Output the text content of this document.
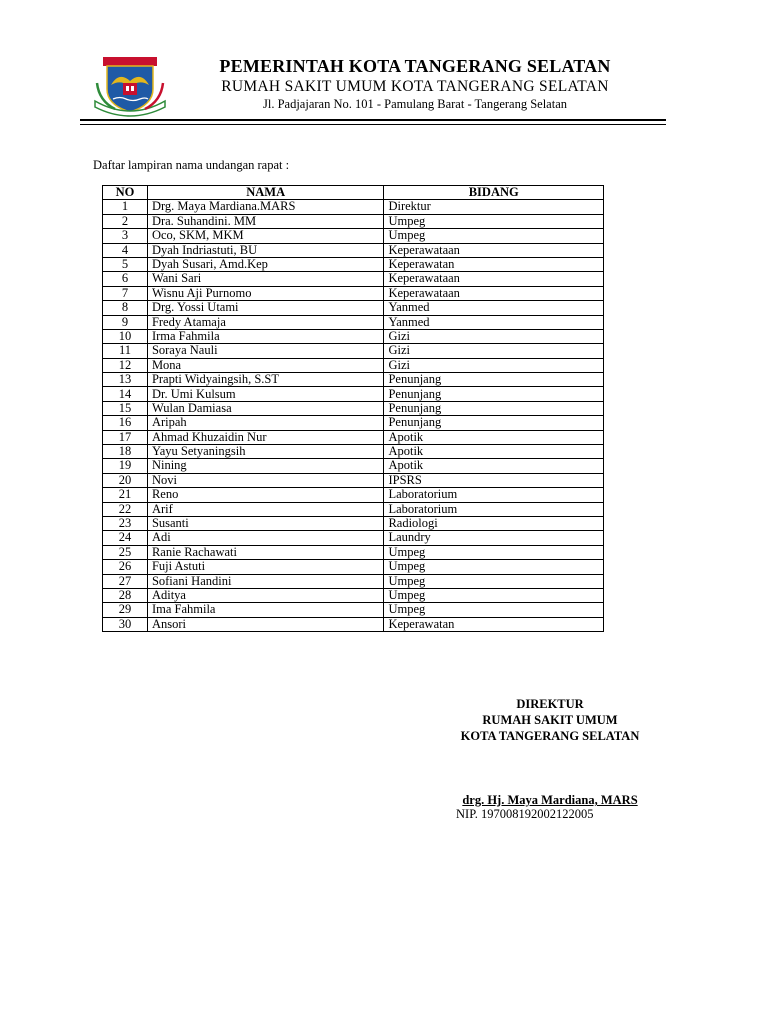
PEMERINTAH KOTA TANGERANG SELATAN

RUMAH SAKIT UMUM KOTA TANGERANG SELATAN

Jl. Padjajaran No. 101 - Pamulang Barat - Tangerang Selatan

Daftar lampiran nama undangan rapat :

NO	NAMA	BIDANG
1	Drg. Maya Mardiana.MARS	Direktur
2	Dra. Suhandini. MM	Umpeg
3	Oco, SKM, MKM	Umpeg
4	Dyah Indriastuti, BU	Keperawataan
5	Dyah Susari, Amd.Kep	Keperawatan
6	Wani Sari	Keperawataan
7	Wisnu Aji Purnomo	Keperawataan
8	Drg. Yossi Utami	Yanmed
9	Fredy Atamaja	Yanmed
10	Irma Fahmila	Gizi
11	Soraya Nauli	Gizi
12	Mona	Gizi
13	Prapti Widyaingsih, S.ST	Penunjang
14	Dr. Umi Kulsum	Penunjang
15	Wulan Damiasa	Penunjang
16	Aripah	Penunjang
17	Ahmad Khuzaidin Nur	Apotik
18	Yayu Setyaningsih	Apotik
19	Nining	Apotik
20	Novi	IPSRS
21	Reno	Laboratorium
22	Arif	Laboratorium
23	Susanti	Radiologi
24	Adi	Laundry
25	Ranie Rachawati	Umpeg
26	Fuji Astuti	Umpeg
27	Sofiani Handini	Umpeg
28	Aditya	Umpeg
29	Ima Fahmila	Umpeg
30	Ansori	Keperawatan
DIREKTUR
RUMAH SAKIT UMUM
KOTA TANGERANG SELATAN

drg. Hj. Maya Mardiana, MARS

NIP. 197008192002122005
